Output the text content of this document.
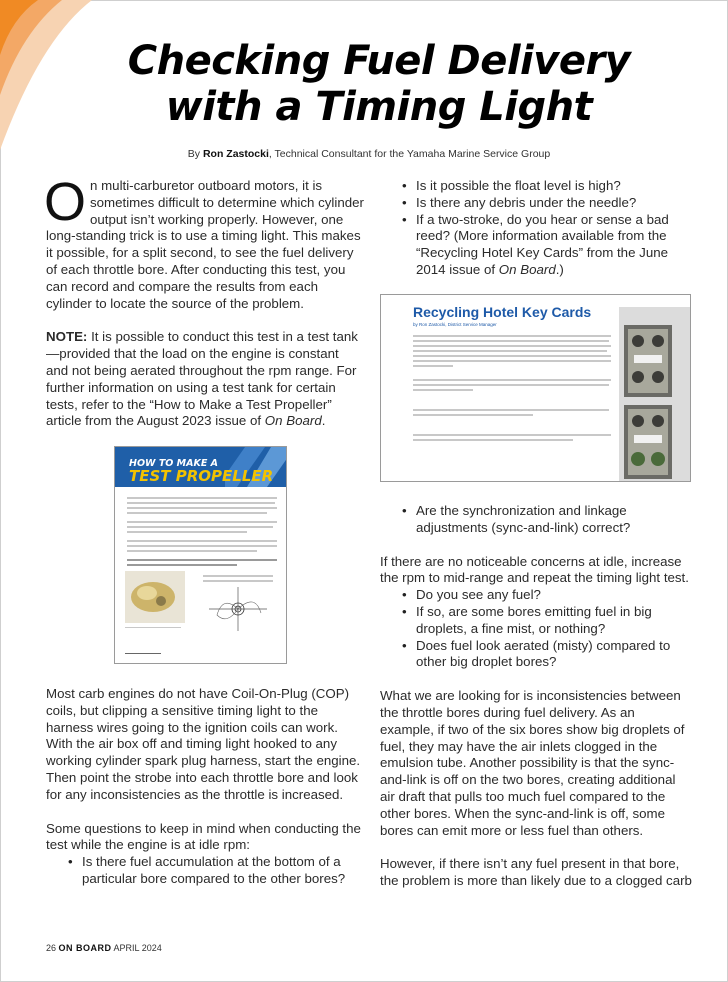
Checking Fuel Delivery
with a Timing Light
By Ron Zastocki, Technical Consultant for the Yamaha Marine Service Group

On multi-carburetor outboard motors, it is sometimes difficult to determine which cylinder output isn’t working properly. However, one long-standing trick is to use a timing light. This makes it possible, for a split second, to see the fuel delivery of each throttle bore. After conducting this test, you can record and compare the results from each cylinder to locate the source of the problem.

NOTE: It is possible to conduct this test in a test tank—provided that the load on the engine is constant and not being aerated throughout the rpm range. For further information on using a test tank for certain tests, refer to the “How to Make a Test Propeller” article from the August 2023 issue of On Board.

HOW TO MAKE A
TEST PROPELLER

Most carb engines do not have Coil-On-Plug (COP) coils, but clipping a sensitive timing light to the harness wires going to the ignition coils can work. With the air box off and timing light hooked to any working cylinder spark plug harness, start the engine. Then point the strobe into each throttle bore and look for any inconsistencies as the throttle is increased.

Some questions to keep in mind when conducting the test while the engine is at idle rpm:

• Is there fuel accumulation at the bottom of a particular bore compared to the other bores?
• Is it possible the float level is high?
• Is there any debris under the needle?
• If a two-stroke, do you hear or sense a bad reed? (More information available from the “Recycling Hotel Key Cards” from the June 2014 issue of On Board.)
Recycling Hotel Key Cards
by Ron Zastocki, District Service Manager
• Are the synchronization and linkage adjustments (sync-and-link) correct?

If there are no noticeable concerns at idle, increase the rpm to mid-range and repeat the timing light test.

• Do you see any fuel?
• If so, are some bores emitting fuel in big droplets, a fine mist, or nothing?
• Does fuel look aerated (misty) compared to other big droplet bores?

What we are looking for is inconsistencies between the throttle bores during fuel delivery. As an example, if two of the six bores show big droplets of fuel, they may have the air inlets clogged in the emulsion tube. Another possibility is that the sync-and-link is off on the two bores, creating additional air draft that pulls too much fuel compared to the other bores. When the sync-and-link is off, some bores can emit more or less fuel than others.

However, if there isn’t any fuel present in that bore, the problem is more than likely due to a clogged carb

26 ON BOARD APRIL 2024
